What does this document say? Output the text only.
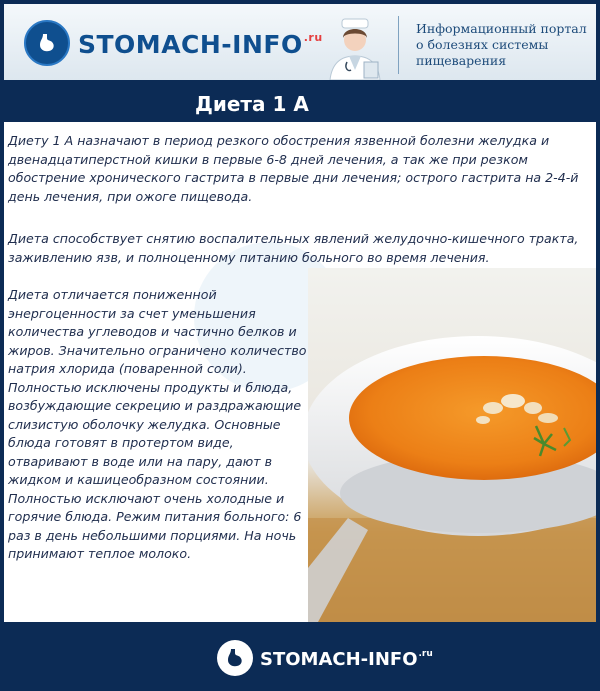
STOMACH-$INFO^{.ru}$
Информационный портал о болезнях системы пищеварения
Диета 1 А

Диету 1 А назначают в период резкого обострения язвенной болезни желудка и двенадцатиперстной кишки в первые 6-8 дней лечения, а так же при резком обострение хронического гастрита в первые дни лечения; острого гастрита на 2-4-й день лечения, при ожоге пищевода.

Диета способствует снятию воспалительных явлений желудочно-кишечного тракта, заживлению язв, и полноценному питанию больного во время лечения.

Диета отличается пониженной энергоценности за счет уменьшения количества углеводов и частично белков и жиров. Значительно ограничено количество натрия хлорида (поваренной соли). Полностью исключены продукты и блюда, возбуждающие секрецию и раздражающие слизистую оболочку желудка. Основные блюда готовят в протертом виде, отваривают в воде или на пару, дают в жидком и кашицеобразном состоянии. Полностью исключают очень холодные и горячие блюда. Режим питания больного: 6 раз в день небольшими порциями. На ночь принимают теплое молоко.

STOMACH-$INFO^{.ru}$
